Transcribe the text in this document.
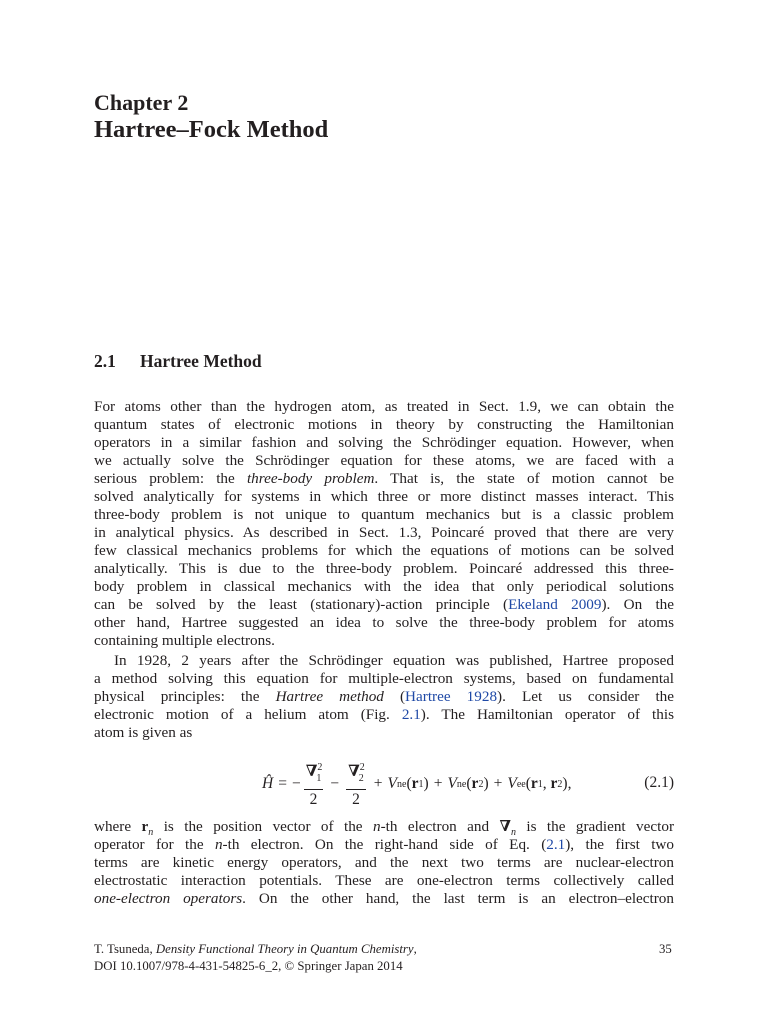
Chapter 2
Hartree–Fock Method
2.1 Hartree Method
For atoms other than the hydrogen atom, as treated in Sect. 1.9, we can obtain the
quantum states of electronic motions in theory by constructing the Hamiltonian
operators in a similar fashion and solving the Schrödinger equation. However, when
we actually solve the Schrödinger equation for these atoms, we are faced with a
serious problem: the three-body problem. That is, the state of motion cannot be
solved analytically for systems in which three or more distinct masses interact. This
three-body problem is not unique to quantum mechanics but is a classic problem
in analytical physics. As described in Sect. 1.3, Poincaré proved that there are very
few classical mechanics problems for which the equations of motions can be solved
analytically. This is due to the three-body problem. Poincaré addressed this three-
body problem in classical mechanics with the idea that only periodical solutions
can be solved by the least (stationary)-action principle (Ekeland 2009). On the
other hand, Hartree suggested an idea to solve the three-body problem for atoms
containing multiple electrons.
In 1928, 2 years after the Schrödinger equation was published, Hartree proposed
a method solving this equation for multiple-electron systems, based on fundamental
physical principles: the Hartree method (Hartree 1928). Let us consider the
electronic motion of a helium atom (Fig. 2.1). The Hamiltonian operator of this
atom is given as
Ĥ = − $\frac{\nabla^2_1}{2} - \frac{\nabla^2_2}{2} + V$ ne ( r 1 ) + V ne ( r 2 ) + V ee ( r 1 , r 2 ) ,	(2.1)
where $r_n$ is the position vector of the n-th electron and $\nabla_n$ is the gradient vector
operator for the n-th electron. On the right-hand side of Eq. (2.1), the first two
terms are kinetic energy operators, and the next two terms are nuclear-electron
electrostatic interaction potentials. These are one-electron terms collectively called
one-electron operators. On the other hand, the last term is an electron–electron
T. Tsuneda, Density Functional Theory in Quantum Chemistry,
DOI 10.1007/978-4-431-54825-6_2, © Springer Japan 2014
35
